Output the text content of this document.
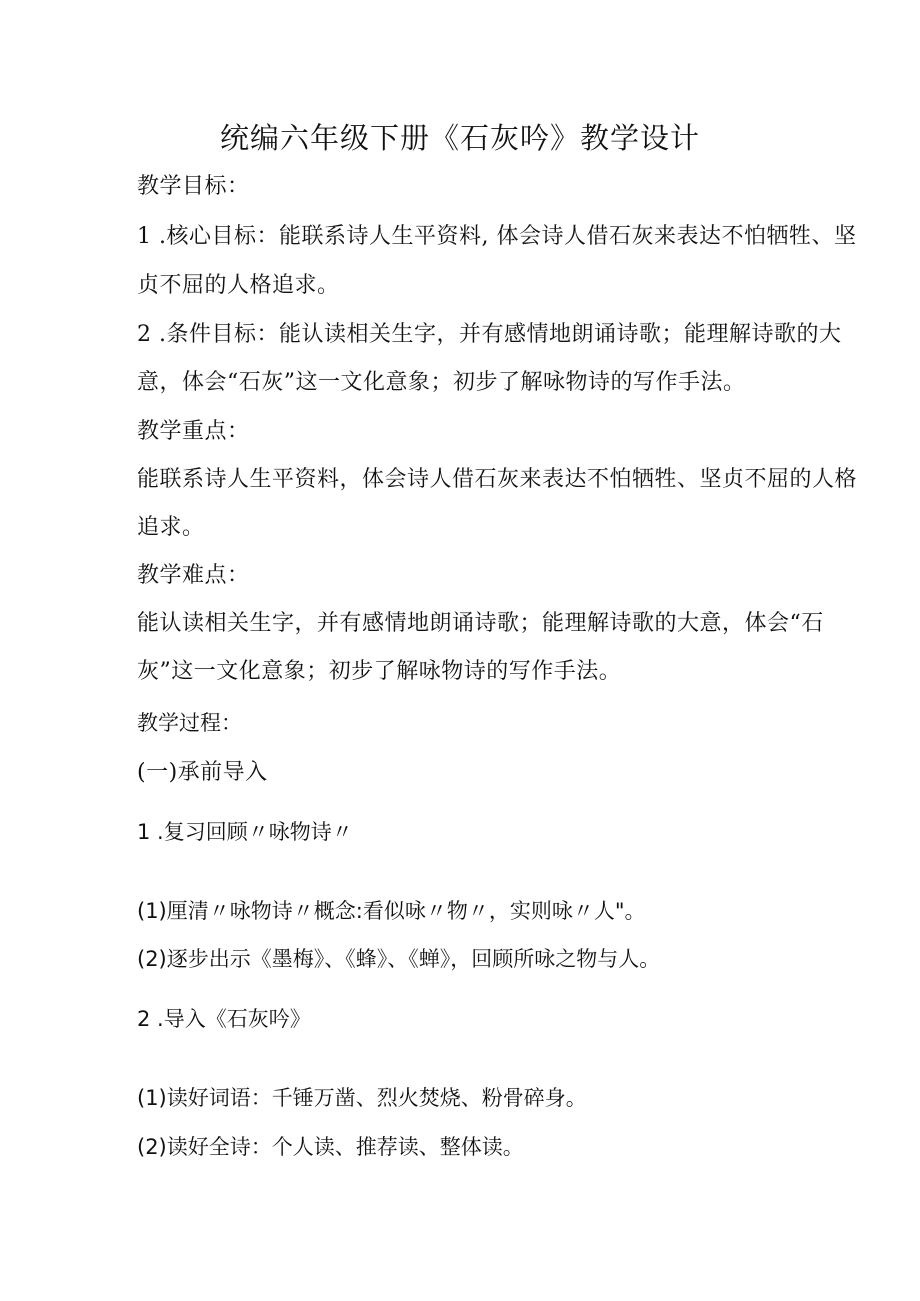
统编六年级下册《石灰吟》教学设计
教学目标：
1 .核心目标：能联系诗人生平资料, 体会诗人借石灰来表达不怕牺牲、坚
贞不屈的人格追求。
2 .条件目标：能认读相关生字，并有感情地朗诵诗歌；能理解诗歌的大
意，体会“石灰”这一文化意象；初步了解咏物诗的写作手法。
教学重点：
能联系诗人生平资料，体会诗人借石灰来表达不怕牺牲、坚贞不屈的人格
追求。
教学难点：
能认读相关生字，并有感情地朗诵诗歌；能理解诗歌的大意，体会“石
灰”这一文化意象；初步了解咏物诗的写作手法。
教学过程：
(一)承前导入
1 .复习回顾〃咏物诗〃
(1)厘清〃咏物诗〃概念:看似咏〃物〃，实则咏〃人"。
(2)逐步出示《墨梅》、《蜂》、《蝉》，回顾所咏之物与人。
2 .导入《石灰吟》
(1)读好词语：千锤万凿、烈火焚烧、粉骨碎身。
(2)读好全诗：个人读、推荐读、整体读。
